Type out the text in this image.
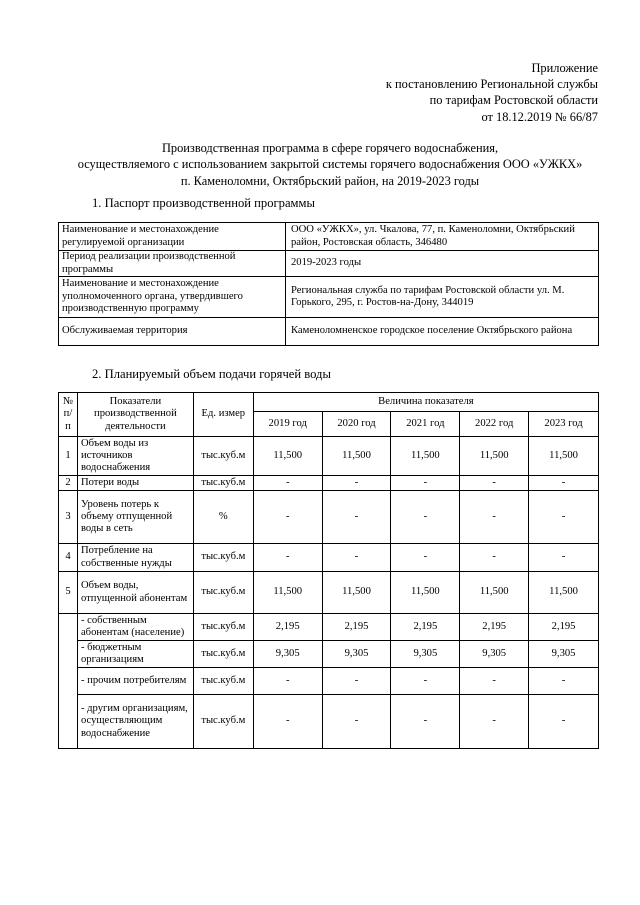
Приложение
к постановлению Региональной службы
по тарифам Ростовской области
от 18.12.2019 № 66/87
Производственная программа в сфере горячего водоснабжения,
осуществляемого с использованием закрытой системы горячего водоснабжения ООО «УЖКХ»
п. Каменоломни, Октябрьский район, на 2019-2023 годы
1. Паспорт производственной программы
Наименование и местонахождение регулируемой организации	ООО «УЖКХ», ул. Чкалова, 77, п. Каменоломни, Октябрьский район, Ростовская область, 346480
Период реализации производственной программы	2019-2023 годы
Наименование и местонахождение уполномоченного органа, утвердившего производственную программу	Региональная служба по тарифам Ростовской области ул. М. Горького, 295, г. Ростов-на-Дону, 344019
Обслуживаемая территория	Каменоломненское городское поселение Октябрьского района
2. Планируемый объем подачи горячей воды
№ п/п	Показатели производственной деятельности	Ед. измер	Величина показателя				
			2019 год	2020 год	2021 год	2022 год	2023 год
1	Объем воды из источников водоснабжения	тыс.куб.м	11,500	11,500	11,500	11,500	11,500
2	Потери воды	тыс.куб.м	-	-	-	-	-
3	Уровень потерь к объему отпущенной воды в сеть	%	-	-	-	-	-
4	Потребление на собственные нужды	тыс.куб.м	-	-	-	-	-
5	Объем воды, отпущенной абонентам	тыс.куб.м	11,500	11,500	11,500	11,500	11,500
	- собственным абонентам (население)	тыс.куб.м	2,195	2,195	2,195	2,195	2,195
	- бюджетным организациям	тыс.куб.м	9,305	9,305	9,305	9,305	9,305
	- прочим потребителям	тыс.куб.м	-	-	-	-	-
	- другим организациям, осуществляющим водоснабжение	тыс.куб.м	-	-	-	-	-
